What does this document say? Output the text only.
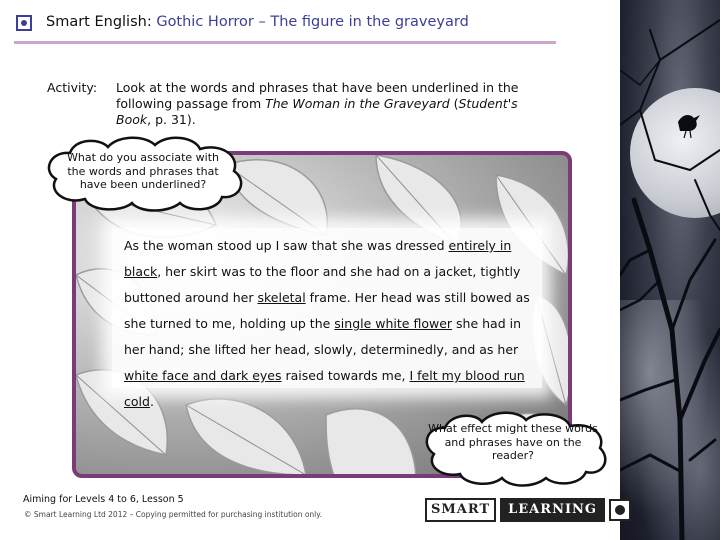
Smart English: Gothic Horror – The figure in the graveyard
Activity: Look at the words and phrases that have been underlined in the following passage from The Woman in the Graveyard (Student's Book, p. 31).
As the woman stood up I saw that she was dressed entirely in black, her skirt was to the floor and she had on a jacket, tightly buttoned around her skeletal frame. Her head was still bowed as she turned to me, holding up the single white flower she had in her hand; she lifted her head, slowly, determinedly, and as her white face and dark eyes raised towards me, I felt my blood run cold.
What do you associate with the words and phrases that have been underlined?
What effect might these words and phrases have on the reader?
Aiming for Levels 4 to 6, Lesson 5
© Smart Learning Ltd 2012 – Copying permitted for purchasing institution only.	SMART	LEARNING
